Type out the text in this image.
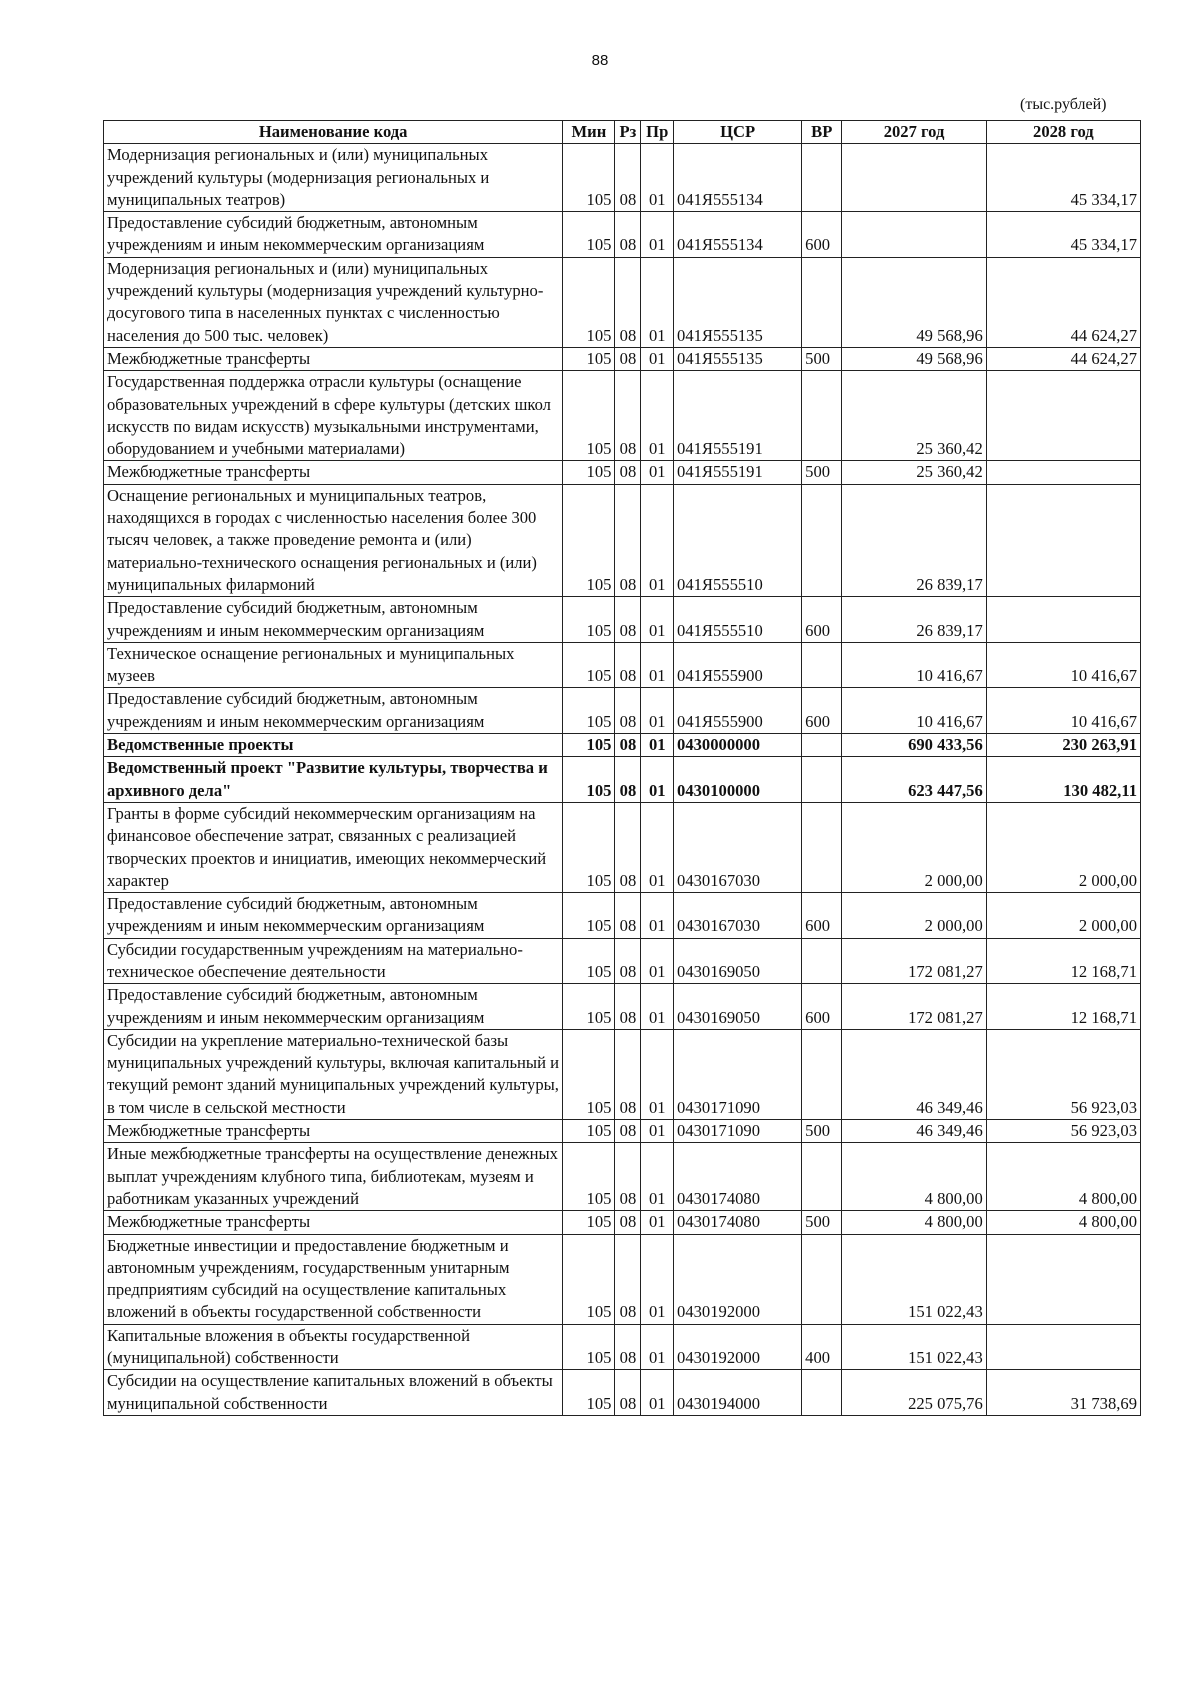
88
(тыс.рублей)
Наименование кода	Мин	Рз	Пр	ЦСР	ВР	2027 год	2028 год
Модернизация региональных и (или) муниципальных учреждений культуры (модернизация региональных и муниципальных театров)	105	08	01	041Я555134			45 334,17
Предоставление субсидий бюджетным, автономным учреждениям и иным некоммерческим организациям	105	08	01	041Я555134	600		45 334,17
Модернизация региональных и (или) муниципальных учреждений культуры (модернизация учреждений культурно-досугового типа в населенных пунктах с численностью населения до 500 тыс. человек)	105	08	01	041Я555135		49 568,96	44 624,27
Межбюджетные трансферты	105	08	01	041Я555135	500	49 568,96	44 624,27
Государственная поддержка отрасли культуры (оснащение образовательных учреждений в сфере культуры (детских школ искусств по видам искусств) музыкальными инструментами, оборудованием и учебными материалами)	105	08	01	041Я555191		25 360,42	
Межбюджетные трансферты	105	08	01	041Я555191	500	25 360,42	
Оснащение региональных и муниципальных театров, находящихся в городах с численностью населения более 300 тысяч человек, а также проведение ремонта и (или) материально-технического оснащения региональных и (или) муниципальных филармоний	105	08	01	041Я555510		26 839,17	
Предоставление субсидий бюджетным, автономным учреждениям и иным некоммерческим организациям	105	08	01	041Я555510	600	26 839,17	
Техническое оснащение региональных и муниципальных музеев	105	08	01	041Я555900		10 416,67	10 416,67
Предоставление субсидий бюджетным, автономным учреждениям и иным некоммерческим организациям	105	08	01	041Я555900	600	10 416,67	10 416,67
Ведомственные проекты	105	08	01	0430000000		690 433,56	230 263,91
Ведомственный проект "Развитие культуры, творчества и архивного дела"	105	08	01	0430100000		623 447,56	130 482,11
Гранты в форме субсидий некоммерческим организациям на финансовое обеспечение затрат, связанных с реализацией творческих проектов и инициатив, имеющих некоммерческий характер	105	08	01	0430167030		2 000,00	2 000,00
Предоставление субсидий бюджетным, автономным учреждениям и иным некоммерческим организациям	105	08	01	0430167030	600	2 000,00	2 000,00
Субсидии государственным учреждениям на материально-техническое обеспечение деятельности	105	08	01	0430169050		172 081,27	12 168,71
Предоставление субсидий бюджетным, автономным учреждениям и иным некоммерческим организациям	105	08	01	0430169050	600	172 081,27	12 168,71
Субсидии на укрепление материально-технической базы муниципальных учреждений культуры, включая капитальный и текущий ремонт зданий муниципальных учреждений культуры, в том числе в сельской местности	105	08	01	0430171090		46 349,46	56 923,03
Межбюджетные трансферты	105	08	01	0430171090	500	46 349,46	56 923,03
Иные межбюджетные трансферты на осуществление денежных выплат учреждениям клубного типа, библиотекам, музеям и работникам указанных учреждений	105	08	01	0430174080		4 800,00	4 800,00
Межбюджетные трансферты	105	08	01	0430174080	500	4 800,00	4 800,00
Бюджетные инвестиции и предоставление бюджетным и автономным учреждениям, государственным унитарным предприятиям субсидий на осуществление капитальных вложений в объекты государственной собственности	105	08	01	0430192000		151 022,43	
Капитальные вложения в объекты государственной (муниципальной) собственности	105	08	01	0430192000	400	151 022,43	
Субсидии на осуществление капитальных вложений в объекты муниципальной собственности	105	08	01	0430194000		225 075,76	31 738,69
